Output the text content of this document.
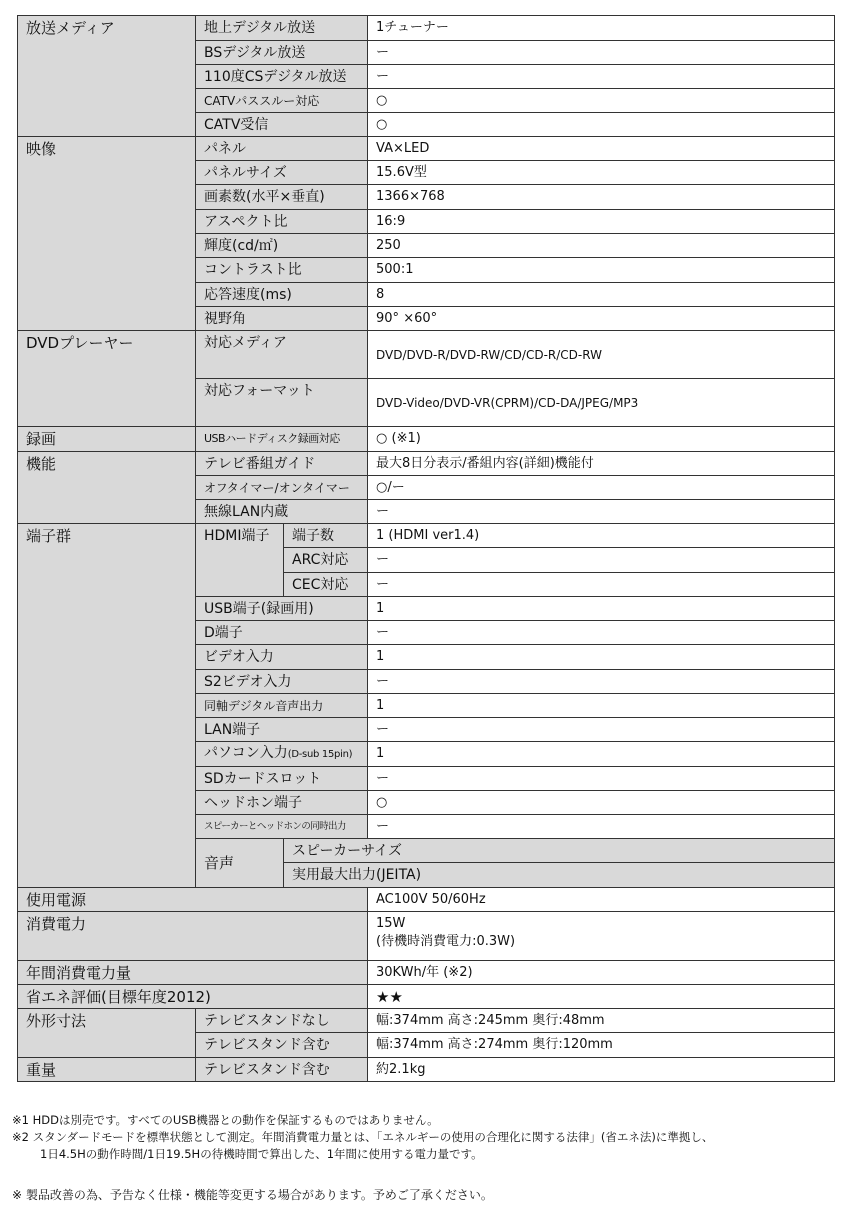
放送メディア	地上デジタル放送		1チューナー	
	BSデジタル放送		ー	
	110度CSデジタル放送		ー	
	CATVパススルー対応		○	
	CATV受信		○	
映像	パネル		VA×LED	
	パネルサイズ		15.6V型	
	画素数(水平×垂直)		1366×768	
	アスペクト比		16:9	
	輝度(cd/㎡)		250	
	コントラスト比		500:1	
	応答速度(ms)		8	
	視野角		90° ×60°	
DVDプレーヤー	対応メディア		DVD/DVD-R/DVD-RW/CD/CD-R/CD-RW	
	対応フォーマット		DVD-Video/DVD-VR(CPRM)/CD-DA/JPEG/MP3	
録画	USBハードディスク録画対応		○ (※1)	
機能	テレビ番組ガイド		最大8日分表示/番組内容(詳細)機能付	
	オフタイマー/オンタイマー		○/ー	
	無線LAN内蔵		ー	
端子群	HDMI端子	端子数	1 (HDMI ver1.4)	
		ARC対応	ー	
		CEC対応	ー	
	USB端子(録画用)		1	
	D端子		ー	
	ビデオ入力		1	
	S2ビデオ入力		ー	
	同軸デジタル音声出力		1	
	LAN端子		ー	
	パソコン入力(D-sub 15pin)		1	
	SDカードスロット		ー	
	ヘッドホン端子		○	
	スピーカーとヘッドホンの同時出力		ー	
	音声	スピーカーサイズ	
		実用最大出力(JEITA)	
使用電源			AC100V 50/60Hz	
消費電力			15W
(待機時消費電力:0.3W)	

年間消費電力量			30KWh/年 (※2)	
省エネ評価(目標年度2012)			★★	
外形寸法	テレビスタンドなし		幅:374mm 高さ:245mm 奥行:48mm	
	テレビスタンド含む		幅:374mm 高さ:274mm 奥行:120mm	
重量	テレビスタンド含む		約2.1kg	

※1 HDDは別売です。すべてのUSB機器との動作を保証するものではありません。

※2 スタンダードモードを標準状態として測定。年間消費電力量とは、「エネルギーの使用の合理化に関する法律」(省エネ法)に準拠し、

1日4.5Hの動作時間/1日19.5Hの待機時間で算出した、1年間に使用する電力量です。

※ 製品改善の為、予告なく仕様・機能等変更する場合があります。予めご了承ください。
